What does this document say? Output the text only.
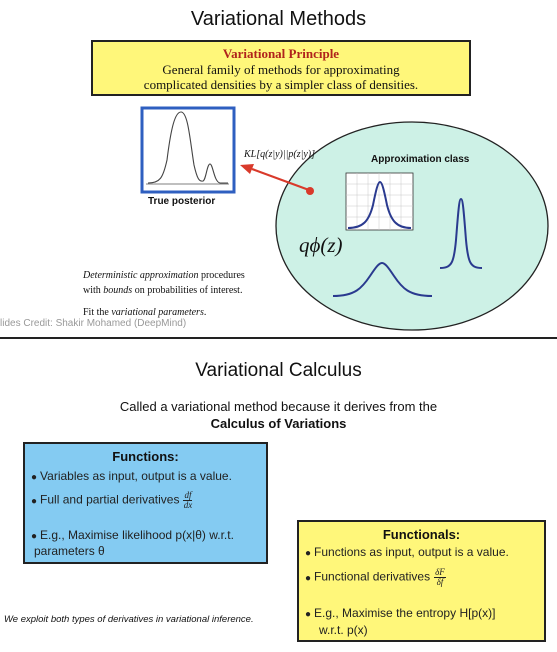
Variational Methods
Variational Principle
General family of methods for approximating
complicated densities by a simpler class of densities.
True posterior
KL[q(z|y)||p(z|y)]	Approximation class
qϕ(z)
Deterministic approximation procedures
with bounds on probabilities of interest.
Fit the variational parameters.
lides Credit: Shakir Mohamed (DeepMind)
Variational Calculus
Called a variational method because it derives from the
Calculus of Variations
Functions:
● Variables as input, output is a value.
● Full and partial derivatives $\frac{df}{dx}$
● E.g., Maximise likelihood p(x|θ) w.r.t.
parameters θ
Functionals:
● Functions as input, output is a value.
● Functional derivatives $\frac{\delta F}{\delta f}$
● E.g., Maximise the entropy H[p(x)]
w.r.t. p(x)
We exploit both types of derivatives in variational inference.
